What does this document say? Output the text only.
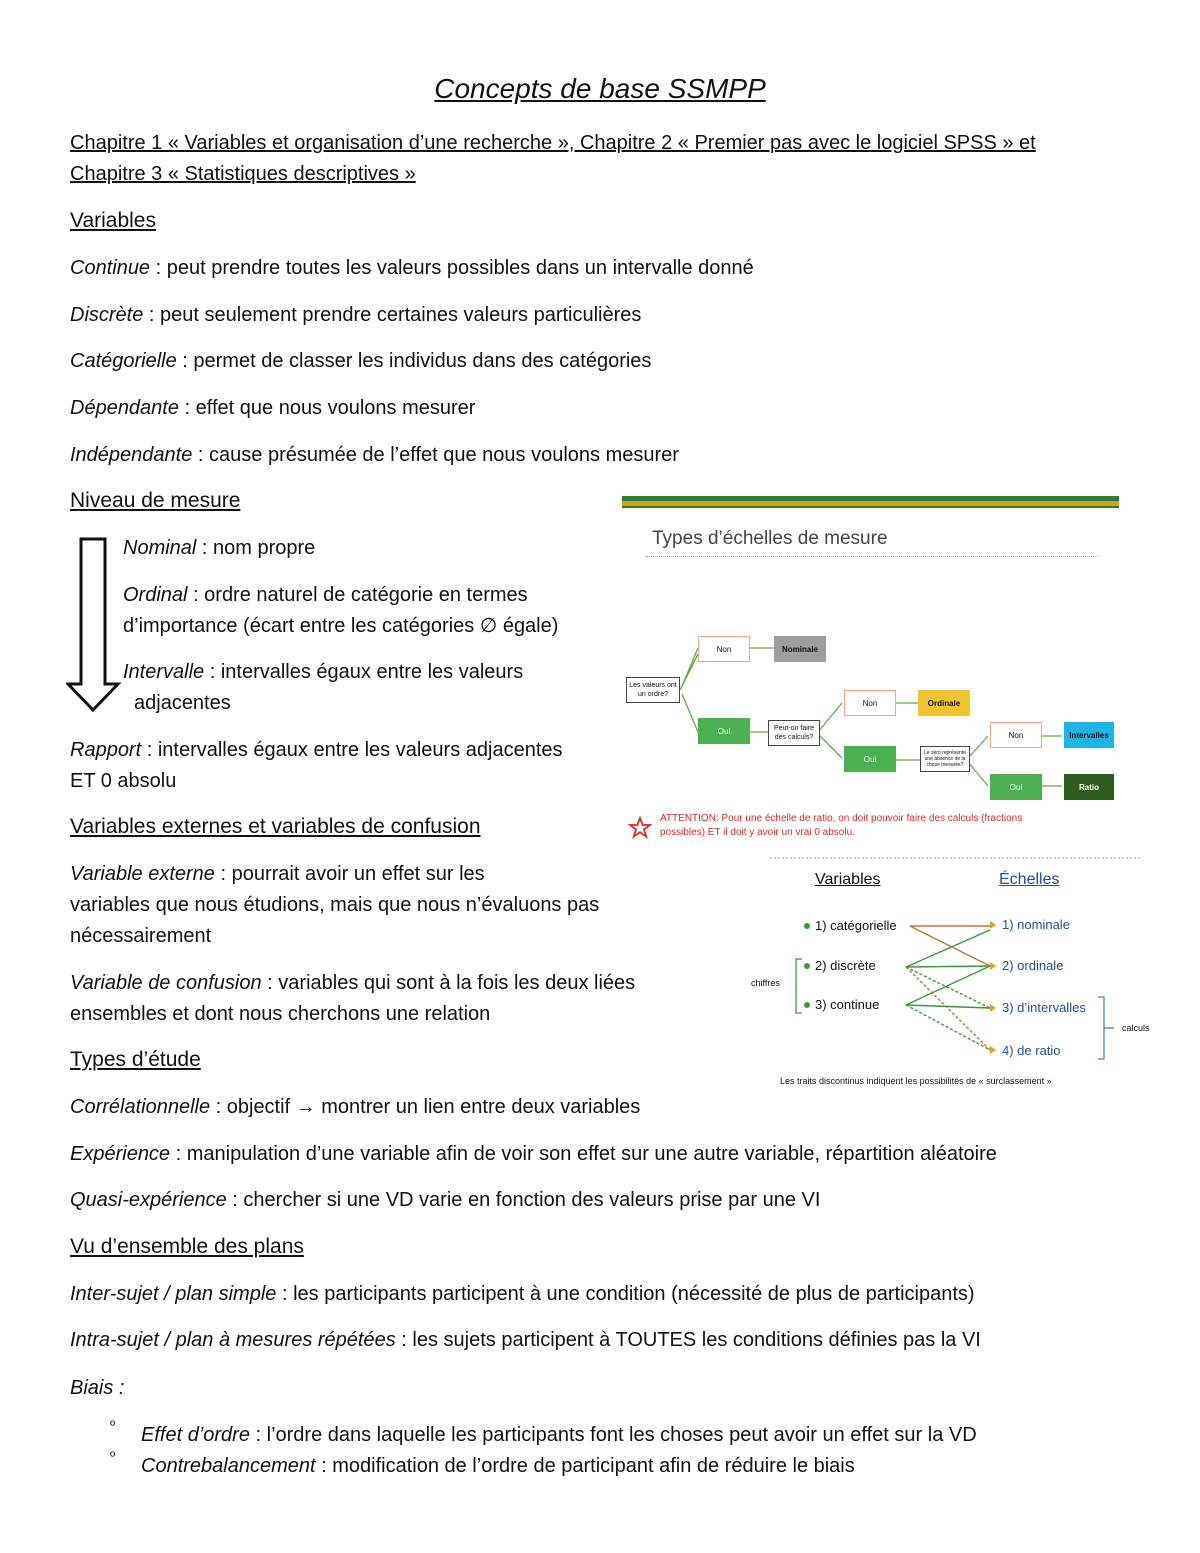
Concepts de base SSMPP
Chapitre 1 « Variables et organisation d’une recherche », Chapitre 2 « Premier pas avec le logiciel SPSS » et
Chapitre 3 « Statistiques descriptives »
Variables
Continue : peut prendre toutes les valeurs possibles dans un intervalle donné
Discrète : peut seulement prendre certaines valeurs particulières
Catégorielle : permet de classer les individus dans des catégories
Dépendante : effet que nous voulons mesurer
Indépendante : cause présumée de l’effet que nous voulons mesurer
Niveau de mesure
Nominal : nom propre
Ordinal : ordre naturel de catégorie en termes
d’importance (écart entre les catégories ∅ égale)
Intervalle : intervalles égaux entre les valeurs
adjacentes
Rapport : intervalles égaux entre les valeurs adjacentes
ET 0 absolu
Types d’échelles de mesure
Les valeurs ont un ordre?
Non	Nominale
Oui	Peut-on faire des calculs?
Non	Ordinale
Oui
Le zéro représente une absence de la chose mesurée?
Non	Intervalles
Oui	Ratio
ATTENTION: Pour une échelle de ratio, on doit pouvoir faire des calculs (fractions
possibles) ET il doit y avoir un vrai 0 absolu.
Variables	Échelles
1) catégorielle
2) discrète
3) continue
chiffres
1) nominale
2) ordinale
3) d’intervalles
4) de ratio
calculs
Les traits discontinus indiquent les possibilités de « surclassement »
Variables externes et variables de confusion
Variable externe : pourrait avoir un effet sur les
variables que nous étudions, mais que nous n’évaluons pas
nécessairement
Variable de confusion : variables qui sont à la fois les deux liées
ensembles et dont nous cherchons une relation
Types d’étude
Corrélationnelle : objectif → montrer un lien entre deux variables
Expérience : manipulation d’une variable afin de voir son effet sur une autre variable, répartition aléatoire
Quasi-expérience : chercher si une VD varie en fonction des valeurs prise par une VI
Vu d’ensemble des plans
Inter-sujet / plan simple : les participants participent à une condition (nécessité de plus de participants)
Intra-sujet / plan à mesures répétées : les sujets participent à TOUTES les conditions définies pas la VI
Biais :
º Effet d’ordre : l’ordre dans laquelle les participants font les choses peut avoir un effet sur la VD
º Contrebalancement : modification de l’ordre de participant afin de réduire le biais
